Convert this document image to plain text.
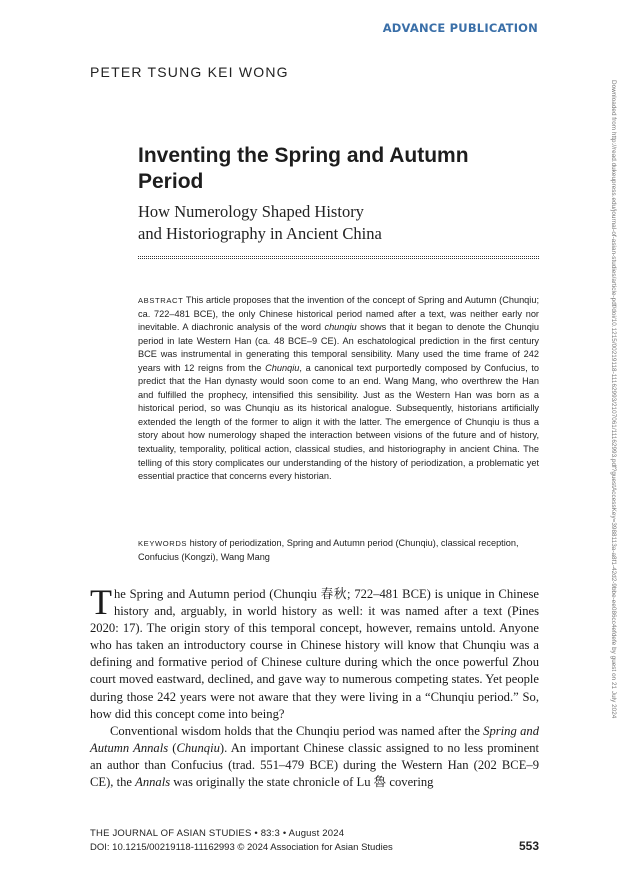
ADVANCE PUBLICATION
PETER TSUNG KEI WONG
Downloaded from http://read.dukeupress.edu/journal-of-asian-studies/article-pdf/doi/10.1215/00219118-11162993/2107061/11162993.pdf?guestAccessKey=3988113a-a8f1-42d2-9bbe-ee086cc4efdefe by guest on 21 July 2024
Inventing the Spring and Autumn Period
How Numerology Shaped History
and Historiography in Ancient China
ABSTRACT This article proposes that the invention of the concept of Spring and Autumn (Chunqiu; ca. 722–481 BCE), the only Chinese historical period named after a text, was neither early nor inevitable. A diachronic analysis of the word chunqiu shows that it began to denote the Chunqiu period in late Western Han (ca. 48 BCE–9 CE). An eschatological prediction in the first century BCE was instrumental in generating this temporal sensibility. Many used the time frame of 242 years with 12 reigns from the Chunqiu, a canonical text purportedly composed by Confucius, to predict that the Han dynasty would soon come to an end. Wang Mang, who overthrew the Han and fulfilled the prophecy, intensified this sensibility. Just as the Western Han was born as a historical period, so was Chunqiu as its historical analogue. Subsequently, historians artificially extended the length of the former to align it with the latter. The emergence of Chunqiu is thus a story about how numerology shaped the interaction between visions of the future and of history, textuality, temporality, political action, classical studies, and historiography in ancient China. The telling of this story complicates our understanding of the history of periodization, a problematic yet essential practice that concerns every historian.
KEYWORDS history of periodization, Spring and Autumn period (Chunqiu), classical reception, Confucius (Kongzi), Wang Mang

The Spring and Autumn period (Chunqiu 春秋; 722–481 BCE) is unique in Chinese history and, arguably, in world history as well: it was named after a text (Pines 2020: 17). The origin story of this temporal concept, however, remains untold. Anyone who has taken an introductory course in Chinese history will know that Chunqiu was a defining and formative period of Chinese culture during which the once powerful Zhou court moved eastward, declined, and gave way to numerous competing states. Yet people during those 242 years were not aware that they were living in a “Chunqiu period.” So, how did this concept come into being?

Conventional wisdom holds that the Chunqiu period was named after the Spring and Autumn Annals (Chunqiu). An important Chinese classic assigned to no less prominent an author than Confucius (trad. 551–479 BCE) during the Western Han (202 BCE–9 CE), the Annals was originally the state chronicle of Lu 魯 covering

THE JOURNAL OF ASIAN STUDIES • 83:3 • August 2024
DOI: 10.1215/00219118-11162993 © 2024 Association for Asian Studies	553
